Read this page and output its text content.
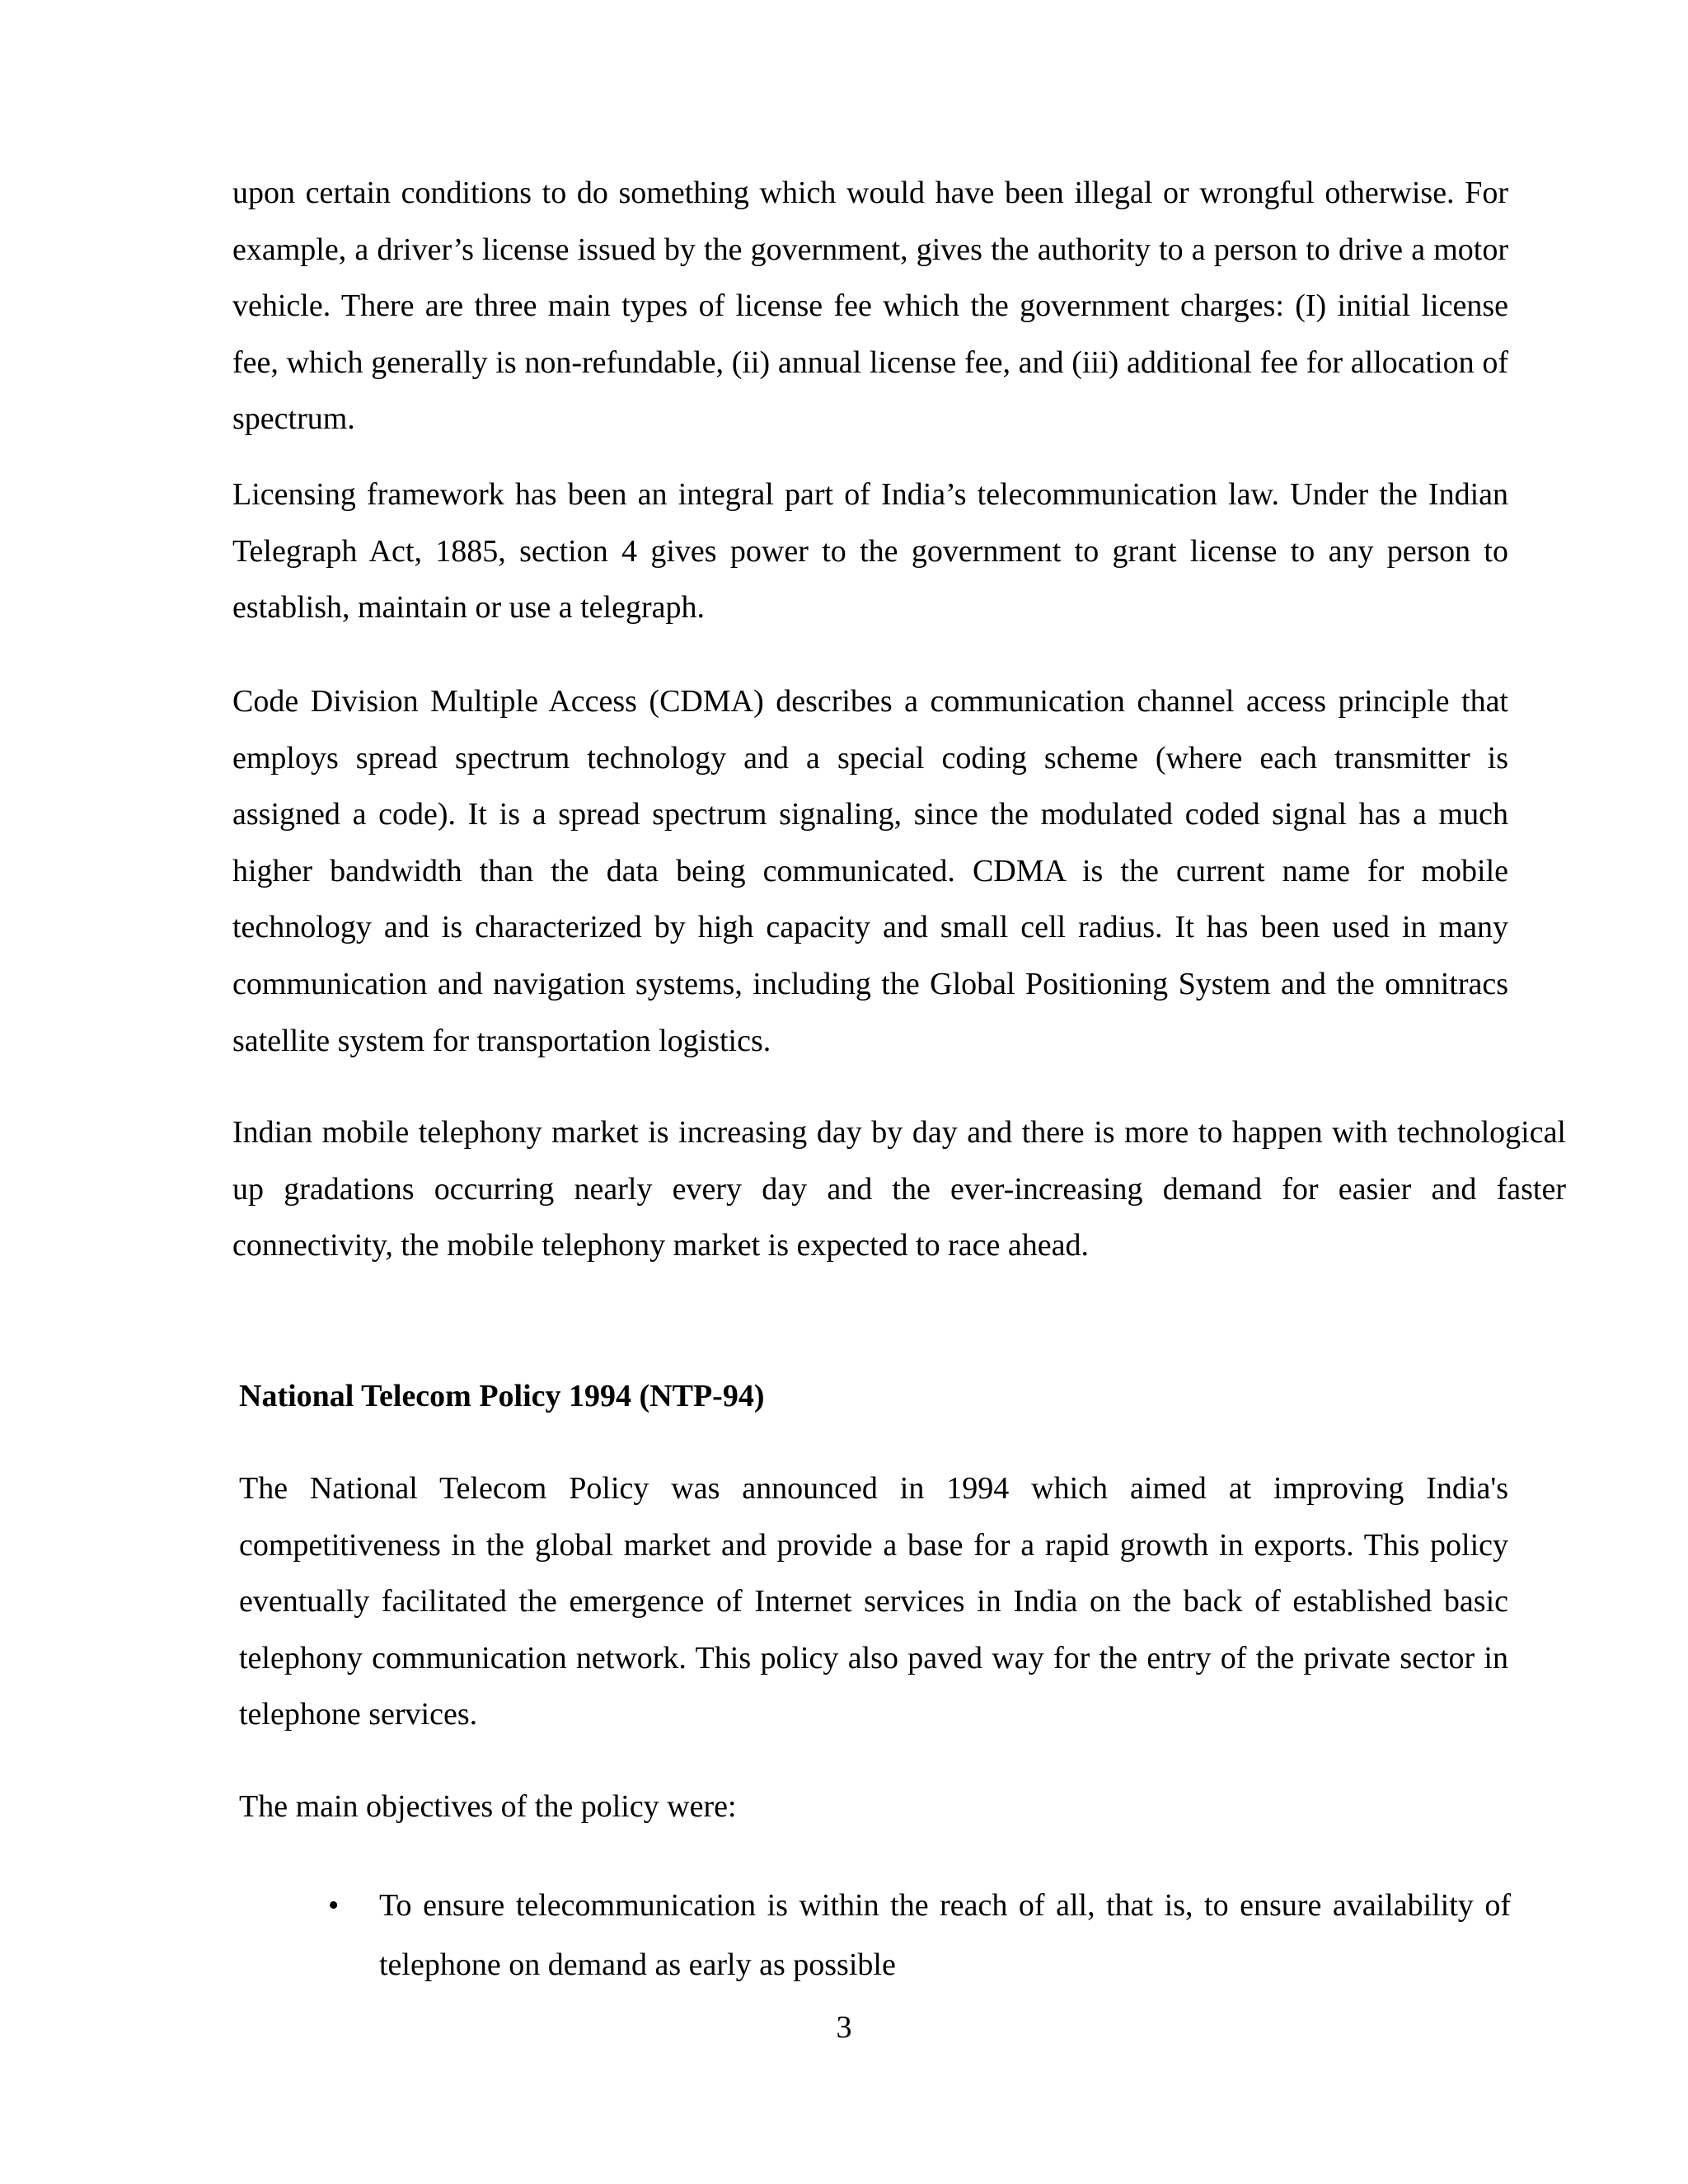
upon certain conditions to do something which would have been illegal or wrongful otherwise. For example, a driver’s license issued by the government, gives the authority to a person to drive a motor vehicle. There are three main types of license fee which the government charges: (I) initial license fee, which generally is non-refundable, (ii) annual license fee, and (iii) additional fee for allocation of spectrum.

Licensing framework has been an integral part of India’s telecommunication law. Under the Indian Telegraph Act, 1885, section 4 gives power to the government to grant license to any person to establish, maintain or use a telegraph.

Code Division Multiple Access (CDMA) describes a communication channel access principle that employs spread spectrum technology and a special coding scheme (where each transmitter is assigned a code). It is a spread spectrum signaling, since the modulated coded signal has a much higher bandwidth than the data being communicated. CDMA is the current name for mobile technology and is characterized by high capacity and small cell radius. It has been used in many communication and navigation systems, including the Global Positioning System and the omnitracs satellite system for transportation logistics.

Indian mobile telephony market is increasing day by day and there is more to happen with technological up gradations occurring nearly every day and the ever-increasing demand for easier and faster connectivity, the mobile telephony market is expected to race ahead.

National Telecom Policy 1994 (NTP-94)

The National Telecom Policy was announced in 1994 which aimed at improving India's competitiveness in the global market and provide a base for a rapid growth in exports. This policy eventually facilitated the emergence of Internet services in India on the back of established basic telephony communication network. This policy also paved way for the entry of the private sector in telephone services.

The main objectives of the policy were:

• To ensure telecommunication is within the reach of all, that is, to ensure availability of telephone on demand as early as possible

3
